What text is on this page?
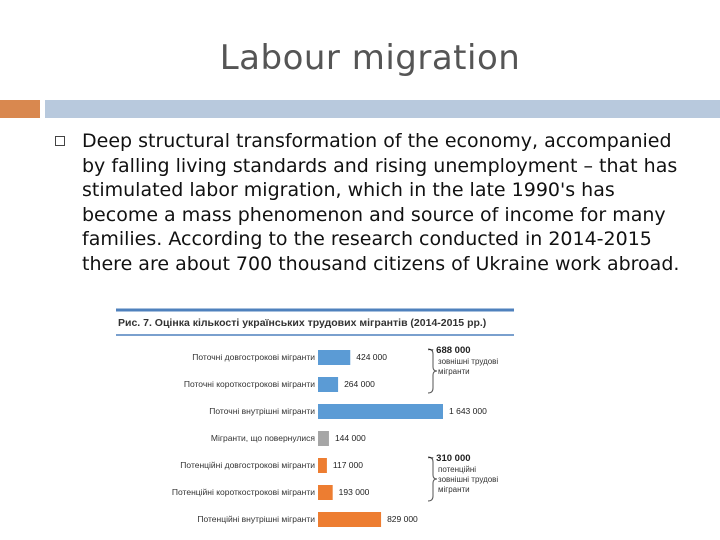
Labour migration
Deep structural transformation of the economy, accompanied by falling living standards and rising unemployment – that has stimulated labor migration, which in the late 1990's has become a mass phenomenon and source of income for many families. According to the research conducted in 2014-2015 there are about 700 thousand citizens of Ukraine work abroad.
Рис. 7. Оцінка кількості українських трудових мігрантів (2014-2015 рр.)
Поточні довгострокові мігранти	424 000
Поточні короткострокові мігранти	264 000
Поточні внутрішні мігранти	1 643 000
Мігранти, що повернулися 144 000
Потенційні довгострокові мігранти 117 000
Потенційні короткострокові мігранти	193 000
Потенційні внутрішні мігранти	829 000
~ 688 000
зовнішні трудові мігранти
~ 310 000
потенційні зовнішні трудові мігранти
